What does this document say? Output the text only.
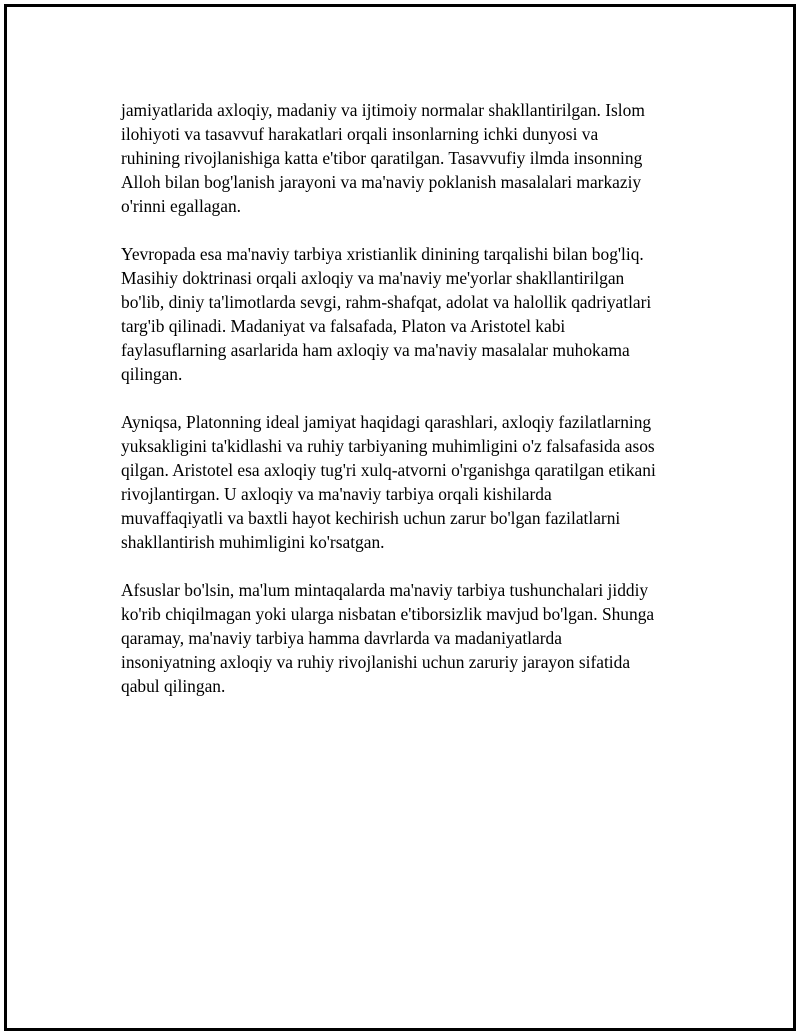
jamiyatlarida axloqiy, madaniy va ijtimoiy normalar shakllantirilgan. Islom
ilohiyoti va tasavvuf harakatlari orqali insonlarning ichki dunyosi va
ruhining rivojlanishiga katta e'tibor qaratilgan. Tasavvufiy ilmda insonning
Alloh bilan bog'lanish jarayoni va ma'naviy poklanish masalalari markaziy
o'rinni egallagan.

Yevropada esa ma'naviy tarbiya xristianlik dinining tarqalishi bilan bog'liq.
Masihiy doktrinasi orqali axloqiy va ma'naviy me'yorlar shakllantirilgan
bo'lib, diniy ta'limotlarda sevgi, rahm-shafqat, adolat va halollik qadriyatlari
targ'ib qilinadi. Madaniyat va falsafada, Platon va Aristotel kabi
faylasuflarning asarlarida ham axloqiy va ma'naviy masalalar muhokama
qilingan.

Ayniqsa, Platonning ideal jamiyat haqidagi qarashlari, axloqiy fazilatlarning
yuksakligini ta'kidlashi va ruhiy tarbiyaning muhimligini o'z falsafasida asos
qilgan. Aristotel esa axloqiy tug'ri xulq-atvorni o'rganishga qaratilgan etikani
rivojlantirgan. U axloqiy va ma'naviy tarbiya orqali kishilarda
muvaffaqiyatli va baxtli hayot kechirish uchun zarur bo'lgan fazilatlarni
shakllantirish muhimligini ko'rsatgan.

Afsuslar bo'lsin, ma'lum mintaqalarda ma'naviy tarbiya tushunchalari jiddiy
ko'rib chiqilmagan yoki ularga nisbatan e'tiborsizlik mavjud bo'lgan. Shunga
qaramay, ma'naviy tarbiya hamma davrlarda va madaniyatlarda
insoniyatning axloqiy va ruhiy rivojlanishi uchun zaruriy jarayon sifatida
qabul qilingan.
